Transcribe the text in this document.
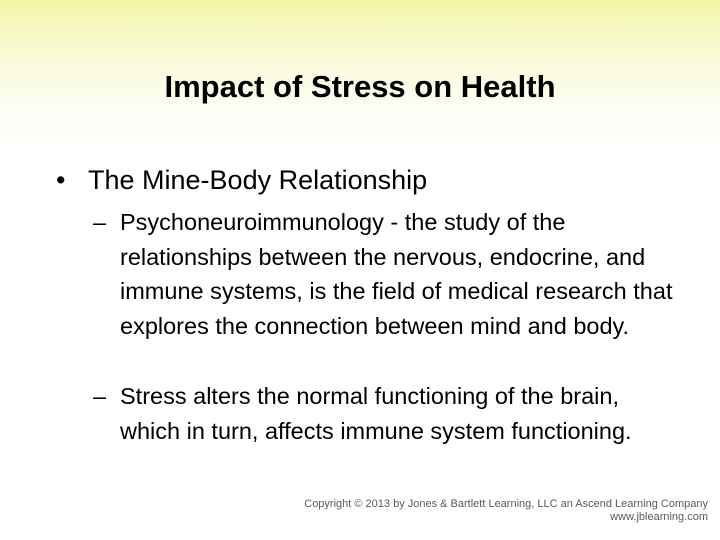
Impact of Stress on Health
• The Mine-Body Relationship
– Psychoneuroimmunology - the study of the relationships between the nervous, endocrine, and immune systems, is the field of medical research that explores the connection between mind and body.
– Stress alters the normal functioning of the brain, which in turn, affects immune system functioning.
Copyright © 2013 by Jones & Bartlett Learning, LLC an Ascend Learning Company
www.jblearning.com
